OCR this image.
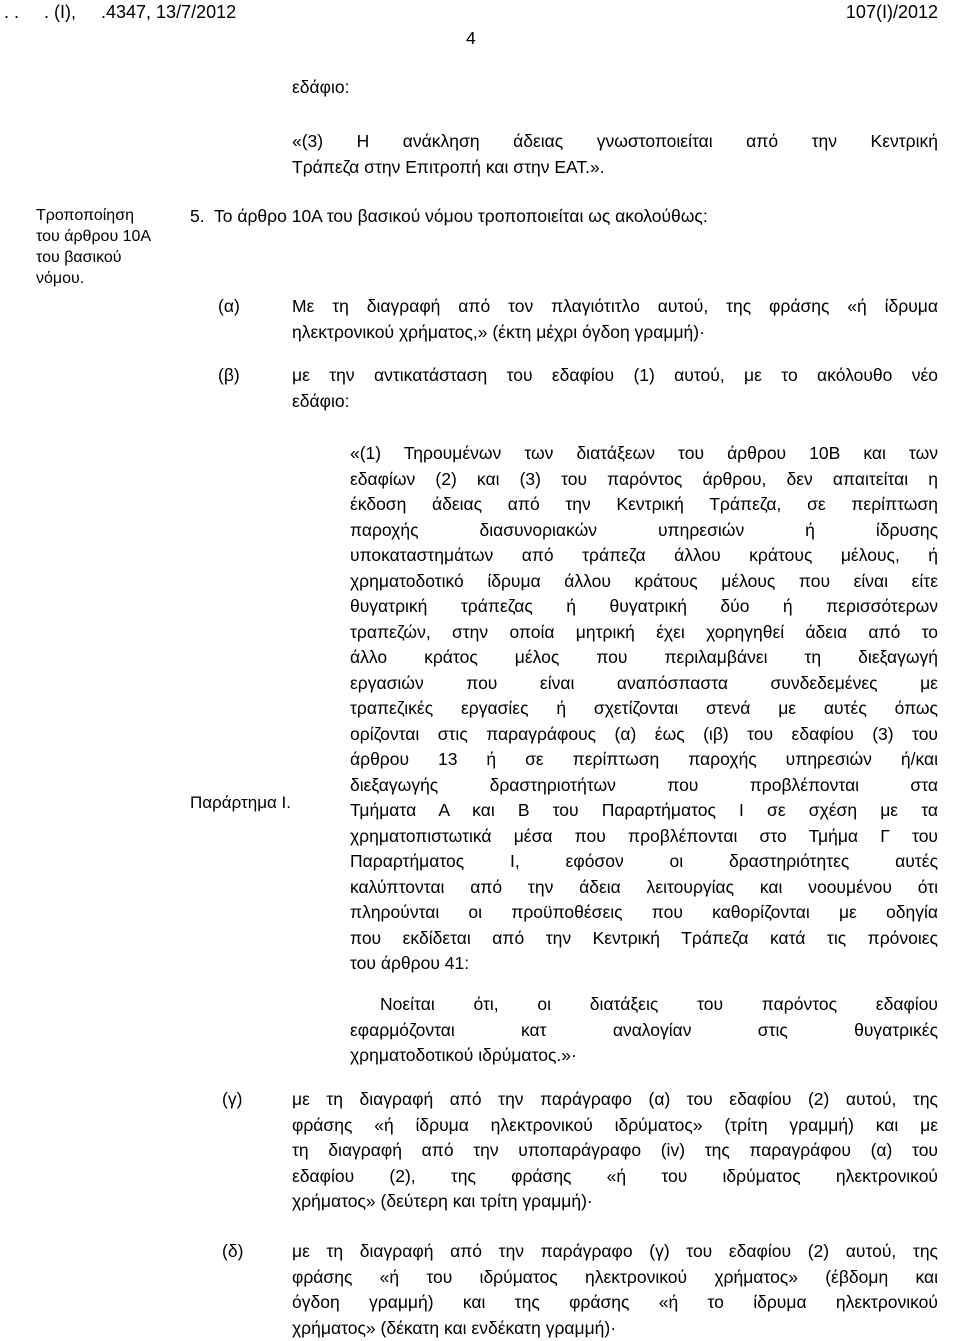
. .     . (Ι),     .4347, 13/7/2012	107(Ι)/2012
4
εδάφιο:

«(3) Η ανάκληση άδειας γνωστοποιείται από την Κεντρική

Τράπεζα στην Επιτροπή και στην ΕΑΤ.».

Τροποποίηση
του άρθρου 10Α
του βασικού
νόμου.
5.  Το άρθρο 10Α του βασικού νόμου τροποποιείται ως ακολούθως:
(α)	Με τη διαγραφή από τον πλαγιότιτλο αυτού, της φράσης «ή ίδρυμα

ηλεκτρονικού χρήματος,» (έκτη μέχρι όγδοη γραμμή)·

(β)	με την αντικατάσταση του εδαφίου (1) αυτού, με το ακόλουθο νέο

εδάφιο:

«(1) Τηρουμένων των διατάξεων του άρθρου 10Β και των

εδαφίων (2) και (3) του παρόντος άρθρου, δεν απαιτείται η

έκδοση άδειας από την Κεντρική Τράπεζα, σε περίπτωση

παροχής διασυνοριακών υπηρεσιών ή ίδρυσης

υποκαταστημάτων από τράπεζα άλλου κράτους μέλους, ή

χρηματοδοτικό ίδρυμα άλλου κράτους μέλους που είναι είτε

θυγατρική τράπεζας ή θυγατρική δύο ή περισσότερων

τραπεζών, στην οποία μητρική έχει χορηγηθεί άδεια από το

άλλο κράτος μέλος που περιλαμβάνει τη διεξαγωγή

εργασιών που είναι αναπόσπαστα συνδεδεμένες με

τραπεζικές εργασίες ή σχετίζονται στενά με αυτές όπως

ορίζονται στις παραγράφους (α) έως (ιβ) του εδαφίου (3) του

άρθρου 13 ή σε περίπτωση παροχής υπηρεσιών ή/και

διεξαγωγής δραστηριοτήτων που προβλέπονται στα

Τμήματα Α και Β του Παραρτήματος Ι σε σχέση με τα

χρηματοπιστωτικά μέσα που προβλέπονται στο Τμήμα Γ του

Παραρτήματος Ι, εφόσον οι δραστηριότητες αυτές

καλύπτονται από την άδεια λειτουργίας και νοουμένου ότι

πληρούνται οι προϋποθέσεις που καθορίζονται με οδηγία

που εκδίδεται από την Κεντρική Τράπεζα κατά τις πρόνοιες

του άρθρου 41:

Παράρτημα Ι.

Νοείται ότι, οι διατάξεις του παρόντος εδαφίου

εφαρμόζονται κατ αναλογίαν στις θυγατρικές

χρηματοδοτικού ιδρύματος.»·

(γ)	με τη διαγραφή από την παράγραφο (α) του εδαφίου (2) αυτού, της

φράσης «ή ίδρυμα ηλεκτρονικού ιδρύματος» (τρίτη γραμμή) και με

τη διαγραφή από την υποπαράγραφο (iv) της παραγράφου (α) του

εδαφίου (2), της φράσης «ή του ιδρύματος ηλεκτρονικού

χρήματος» (δεύτερη και τρίτη γραμμή)·

(δ)	με τη διαγραφή από την παράγραφο (γ) του εδαφίου (2) αυτού, της

φράσης «ή του ιδρύματος ηλεκτρονικού χρήματος» (έβδομη και

όγδοη γραμμή) και της φράσης «ή το ίδρυμα ηλεκτρονικού

χρήματος» (δέκατη και ενδέκατη γραμμή)·
